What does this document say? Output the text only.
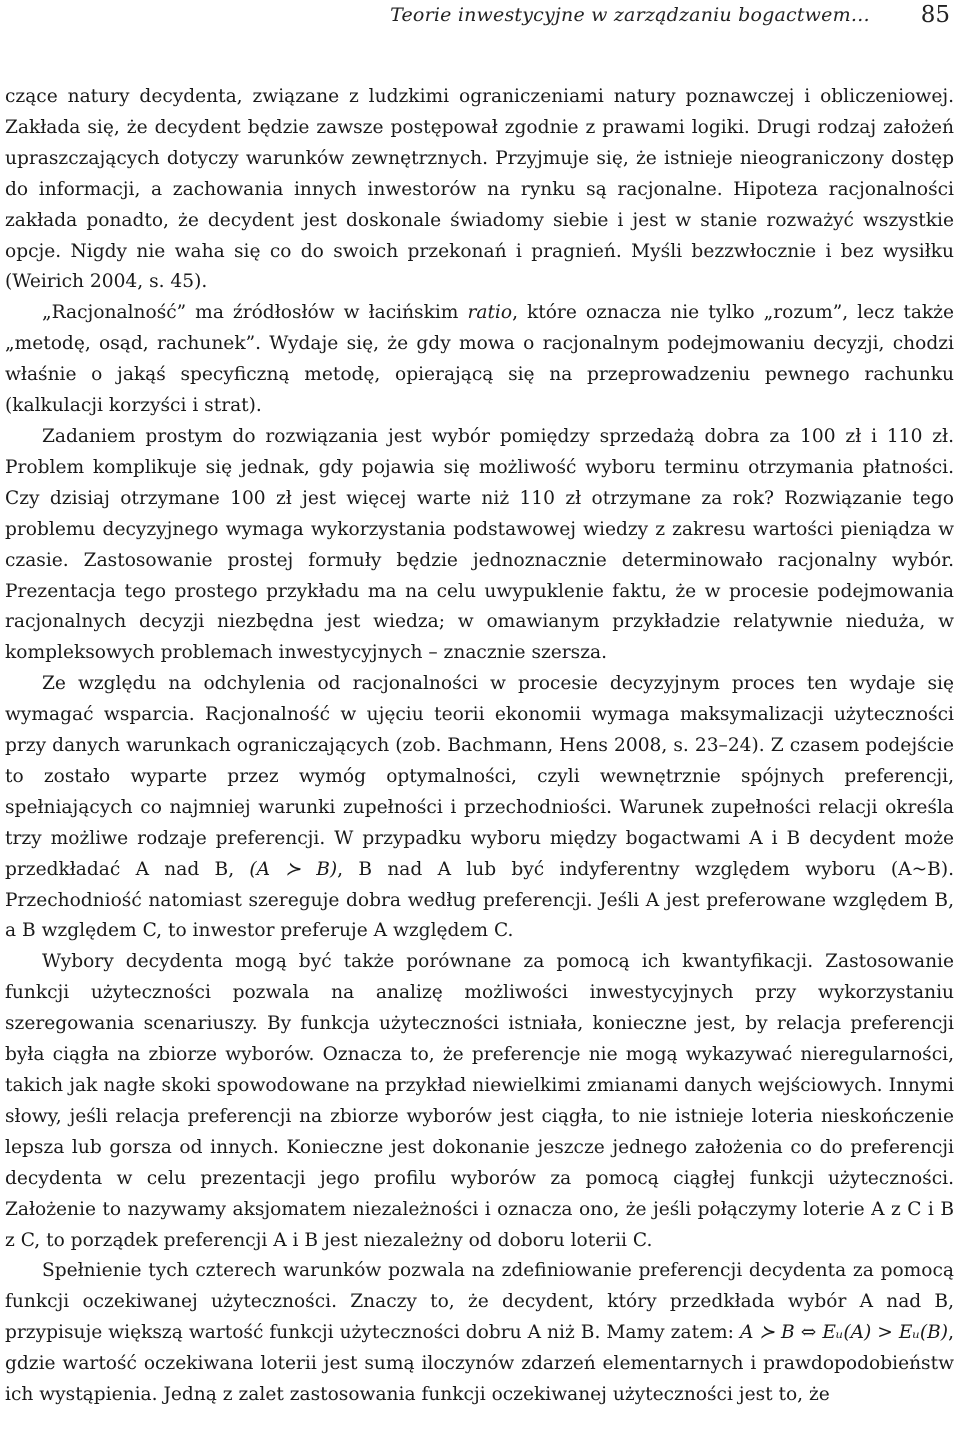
Teorie inwestycyjne w zarządzaniu bogactwem… 85

czące natury decydenta, związane z ludzkimi ograniczeniami natury poznawczej i obliczeniowej. Zakłada się, że decydent będzie zawsze postępował zgodnie z prawami logiki. Drugi rodzaj założeń upraszczających dotyczy warunków zewnętrznych. Przyjmuje się, że istnieje nieograniczony dostęp do informacji, a zachowania innych inwestorów na rynku są racjonalne. Hipoteza racjonalności zakłada ponadto, że decydent jest doskonale świadomy siebie i jest w stanie rozważyć wszystkie opcje. Nigdy nie waha się co do swoich przekonań i pragnień. Myśli bezzwłocznie i bez wysiłku (Weirich 2004, s. 45).

„Racjonalność” ma źródłosłów w łacińskim ratio, które oznacza nie tylko „rozum”, lecz także „metodę, osąd, rachunek”. Wydaje się, że gdy mowa o racjonalnym podejmowaniu decyzji, chodzi właśnie o jakąś specyficzną metodę, opierającą się na przeprowadzeniu pewnego rachunku (kalkulacji korzyści i strat).

Zadaniem prostym do rozwiązania jest wybór pomiędzy sprzedażą dobra za 100 zł i 110 zł. Problem komplikuje się jednak, gdy pojawia się możliwość wyboru terminu otrzymania płatności. Czy dzisiaj otrzymane 100 zł jest więcej warte niż 110 zł otrzymane za rok? Rozwiązanie tego problemu decyzyjnego wymaga wykorzystania podstawowej wiedzy z zakresu wartości pieniądza w czasie. Zastosowanie prostej formuły będzie jednoznacznie determinowało racjonalny wybór. Prezentacja tego prostego przykładu ma na celu uwypuklenie faktu, że w procesie podejmowania racjonalnych decyzji niezbędna jest wiedza; w omawianym przykładzie relatywnie nieduża, w kompleksowych problemach inwestycyjnych – znacznie szersza.

Ze względu na odchylenia od racjonalności w procesie decyzyjnym proces ten wydaje się wymagać wsparcia. Racjonalność w ujęciu teorii ekonomii wymaga maksymalizacji użyteczności przy danych warunkach ograniczających (zob. Bachmann, Hens 2008, s. 23–24). Z czasem podejście to zostało wyparte przez wymóg optymalności, czyli wewnętrznie spójnych preferencji, spełniających co najmniej warunki zupełności i przechodniości. Warunek zupełności relacji określa trzy możliwe rodzaje preferencji. W przypadku wyboru między bogactwami A i B decydent może przedkładać A nad B, (A ≻ B), B nad A lub być indyferentny względem wyboru (A~B). Przechodniość natomiast szereguje dobra według preferencji. Jeśli A jest preferowane względem B, a B względem C, to inwestor preferuje A względem C.

Wybory decydenta mogą być także porównane za pomocą ich kwantyfikacji. Zastosowanie funkcji użyteczności pozwala na analizę możliwości inwestycyjnych przy wykorzystaniu szeregowania scenariuszy. By funkcja użyteczności istniała, konieczne jest, by relacja preferencji była ciągła na zbiorze wyborów. Oznacza to, że preferencje nie mogą wykazywać nieregularności, takich jak nagłe skoki spowodowane na przykład niewielkimi zmianami danych wejściowych. Innymi słowy, jeśli relacja preferencji na zbiorze wyborów jest ciągła, to nie istnieje loteria nieskończenie lepsza lub gorsza od innych. Konieczne jest dokonanie jeszcze jednego założenia co do preferencji decydenta w celu prezentacji jego profilu wyborów za pomocą ciągłej funkcji użyteczności. Założenie to nazywamy aksjomatem niezależności i oznacza ono, że jeśli połączymy loterie A z C i B z C, to porządek preferencji A i B jest niezależny od doboru loterii C.

Spełnienie tych czterech warunków pozwala na zdefiniowanie preferencji decydenta za pomocą funkcji oczekiwanej użyteczności. Znaczy to, że decydent, który przedkłada wybór A nad B, przypisuje większą wartość funkcji użyteczności dobru A niż B. Mamy zatem: A ≻ B ⇔ Eᵤ(A) > Eᵤ(B), gdzie wartość oczekiwana loterii jest sumą iloczynów zdarzeń elementarnych i prawdopodobieństw ich wystąpienia. Jedną z zalet zastosowania funkcji oczekiwanej użyteczności jest to, że
